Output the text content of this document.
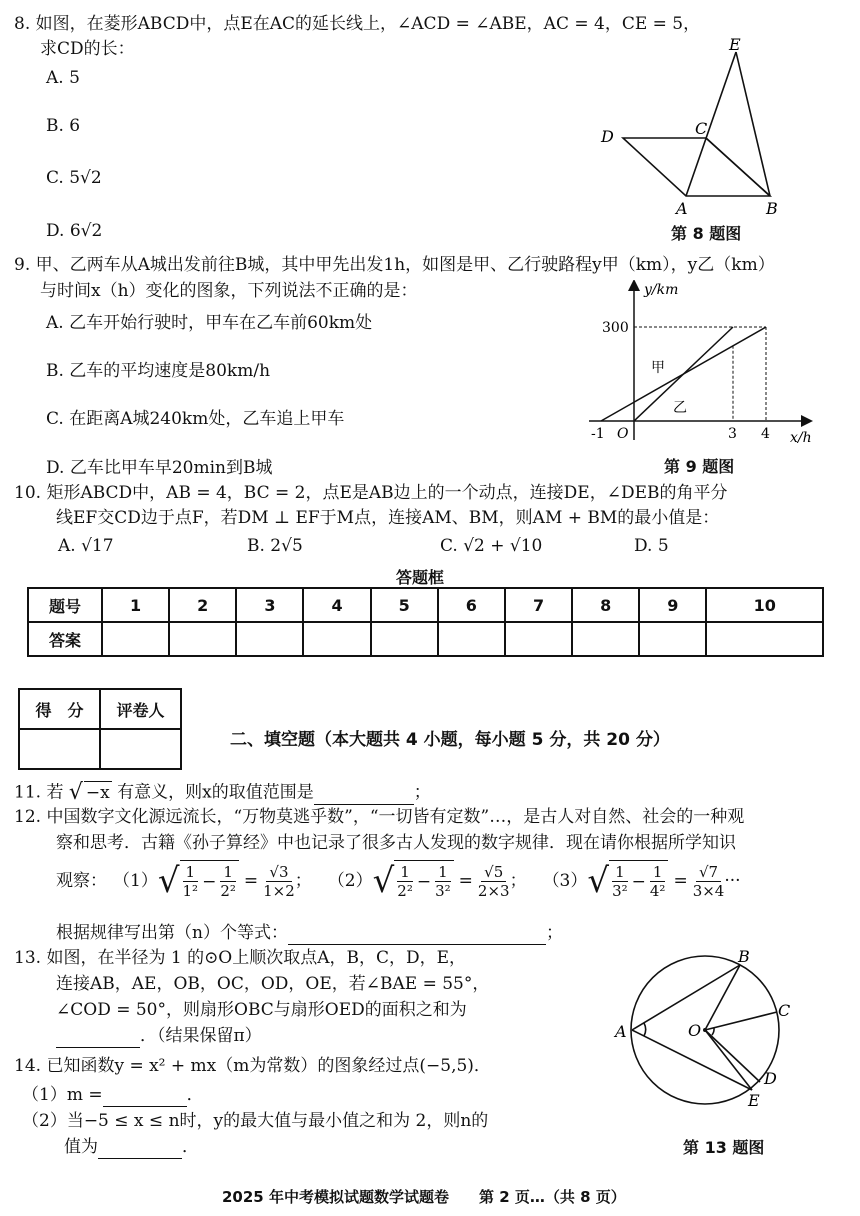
8. 如图，在菱形ABCD中，点E在AC的延长线上，∠ACD = ∠ABE，AC = 4，CE = 5，
求CD的长：
A. 5
B. 6
C. 5√2
D. 6√2
D	C
E
A	B
第 8 题图
9. 甲、乙两车从A城出发前往B城，其中甲先出发1h，如图是甲、乙行驶路程y甲（km），y乙（km）
与时间x（h）变化的图象，下列说法不正确的是：
A. 乙车开始行驶时，甲车在乙车前60km处
B. 乙车的平均速度是80km/h
C. 在距离A城240km处，乙车追上甲车
D. 乙车比甲车早20min到B城
-1 O	3 4
300
y/km
x/h
甲
乙
第 9 题图
10. 矩形ABCD中，AB = 4，BC = 2，点E是AB边上的一个动点，连接DE，∠DEB的角平分
线EF交CD边于点F，若DM ⊥ EF于M点，连接AM、BM，则AM + BM的最小值是：
A. √17	B. 2√5	C. √2 + √10	D. 5
答题框
题号	1	2	3	4	5	6	7	8	9	10
答案										
得　分	评卷人

二、填空题（本大题共 4 小题，每小题 5 分，共 20 分）
11. 若 √ −x 有意义，则x的取值范围是	；
12. 中国数字文化源远流长，“万物莫逃乎数”，“一切皆有定数”…，是古人对自然、社会的一种观
察和思考．古籍《孙子算经》中也记录了很多古人发现的数字规律．现在请你根据所学知识
观察： （1） √ $\frac{1}{\text{1²}} - \frac{1}{\text{2²}} = \frac{√3}{1\times 2}$ ； （2） √ $\frac{1}{\text{2²}} - \frac{1}{\text{3²}} = \frac{√5}{2\times 3}$ ； （3） √ $\frac{1}{\text{3²}} - \frac{1}{\text{4²}} = \frac{√7}{3\times 4}$ ···
根据规律写出第（n）个等式：	；
13. 如图，在半径为 1 的⊙O上顺次取点A，B，C，D，E，
连接AB，AE，OB，OC，OD，OE，若∠BAE = 55°，
∠COD = 50°，则扇形OBC与扇形OED的面积之和为
．（结果保留π）	A	O
B
C
D
E
第 13 题图
14. 已知函数y = x² + mx（m为常数）的图象经过点(−5,5)．
（1）m =	．
（2）当−5 ≤ x ≤ n时，y的最大值与最小值之和为 2，则n的
值为	．
2025 年中考模拟试题数学试题卷　　第 2 页…（共 8 页）
